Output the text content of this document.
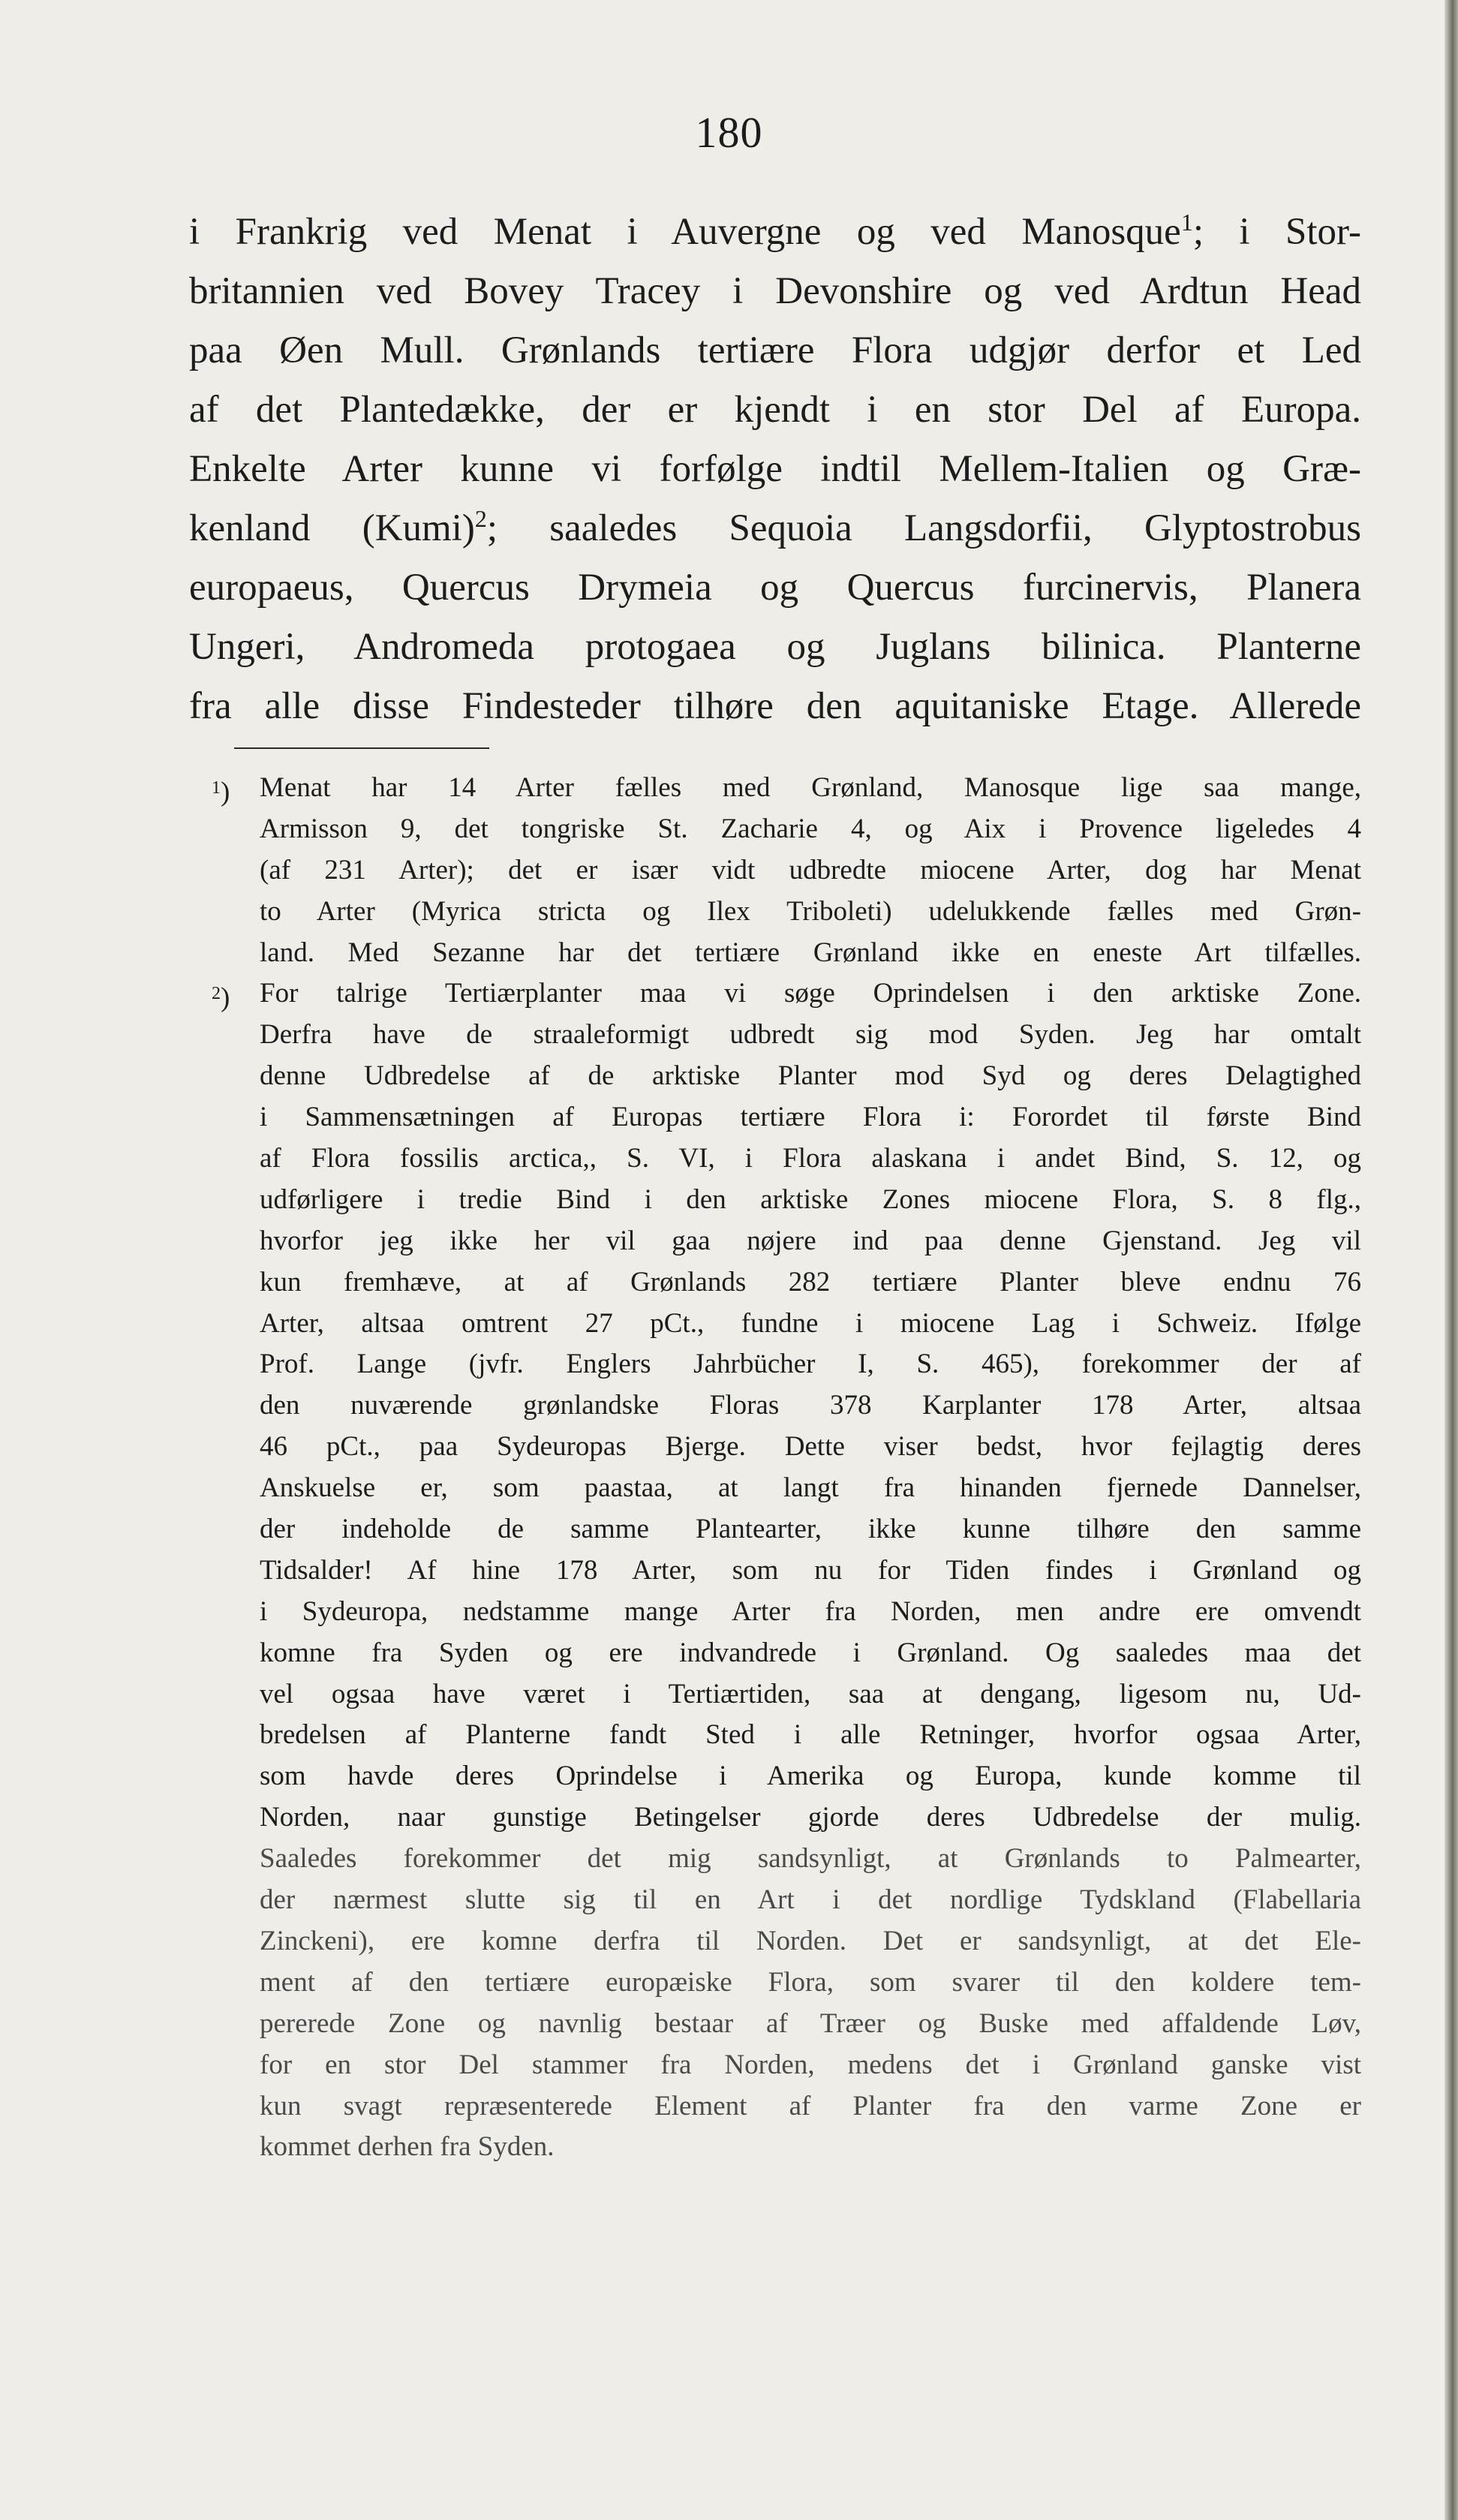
180
i Frankrig ved Menat i Auvergne og ved Manosque$^1$; i Stor-
britannien ved Bovey Tracey i Devonshire og ved Ardtun Head
paa Øen Mull. Grønlands tertiære Flora udgjør derfor et Led
af det Plantedække, der er kjendt i en stor Del af Europa.
Enkelte Arter kunne vi forfølge indtil Mellem-Italien og Græ-
kenland (Kumi)$^2$; saaledes Sequoia Langsdorfii, Glyptostrobus
europaeus, Quercus Drymeia og Quercus furcinervis, Planera
Ungeri, Andromeda protogaea og Juglans bilinica. Planterne
fra alle disse Findesteder tilhøre den aquitaniske Etage. Allerede
$^1$) Menat har 14 Arter fælles med Grønland, Manosque lige saa mange,
Armisson 9, det tongriske St. Zacharie 4, og Aix i Provence ligeledes 4
(af 231 Arter); det er især vidt udbredte miocene Arter, dog har Menat
to Arter (Myrica stricta og Ilex Triboleti) udelukkende fælles med Grøn-
land. Med Sezanne har det tertiære Grønland ikke en eneste Art tilfælles.
$^2$) For talrige Tertiærplanter maa vi søge Oprindelsen i den arktiske Zone.
Derfra have de straaleformigt udbredt sig mod Syden. Jeg har omtalt
denne Udbredelse af de arktiske Planter mod Syd og deres Delagtighed
i Sammensætningen af Europas tertiære Flora i: Forordet til første Bind
af Flora fossilis arctica,, S. VI, i Flora alaskana i andet Bind, S. 12, og
udførligere i tredie Bind i den arktiske Zones miocene Flora, S. 8 flg.,
hvorfor jeg ikke her vil gaa nøjere ind paa denne Gjenstand. Jeg vil
kun fremhæve, at af Grønlands 282 tertiære Planter bleve endnu 76
Arter, altsaa omtrent 27 pCt., fundne i miocene Lag i Schweiz. Ifølge
Prof. Lange (jvfr. Englers Jahrbücher I, S. 465), forekommer der af
den nuværende grønlandske Floras 378 Karplanter 178 Arter, altsaa
46 pCt., paa Sydeuropas Bjerge. Dette viser bedst, hvor fejlagtig deres
Anskuelse er, som paastaa, at langt fra hinanden fjernede Dannelser,
der indeholde de samme Plantearter, ikke kunne tilhøre den samme
Tidsalder! Af hine 178 Arter, som nu for Tiden findes i Grønland og
i Sydeuropa, nedstamme mange Arter fra Norden, men andre ere omvendt
komne fra Syden og ere indvandrede i Grønland. Og saaledes maa det
vel ogsaa have været i Tertiærtiden, saa at dengang, ligesom nu, Ud-
bredelsen af Planterne fandt Sted i alle Retninger, hvorfor ogsaa Arter,
som havde deres Oprindelse i Amerika og Europa, kunde komme til
Norden, naar gunstige Betingelser gjorde deres Udbredelse der mulig.
Saaledes forekommer det mig sandsynligt, at Grønlands to Palmearter,
der nærmest slutte sig til en Art i det nordlige Tydskland (Flabellaria
Zinckeni), ere komne derfra til Norden. Det er sandsynligt, at det Ele-
ment af den tertiære europæiske Flora, som svarer til den koldere tem-
pererede Zone og navnlig bestaar af Træer og Buske med affaldende Løv,
for en stor Del stammer fra Norden, medens det i Grønland ganske vist
kun svagt repræsenterede Element af Planter fra den varme Zone er
kommet derhen fra Syden.
